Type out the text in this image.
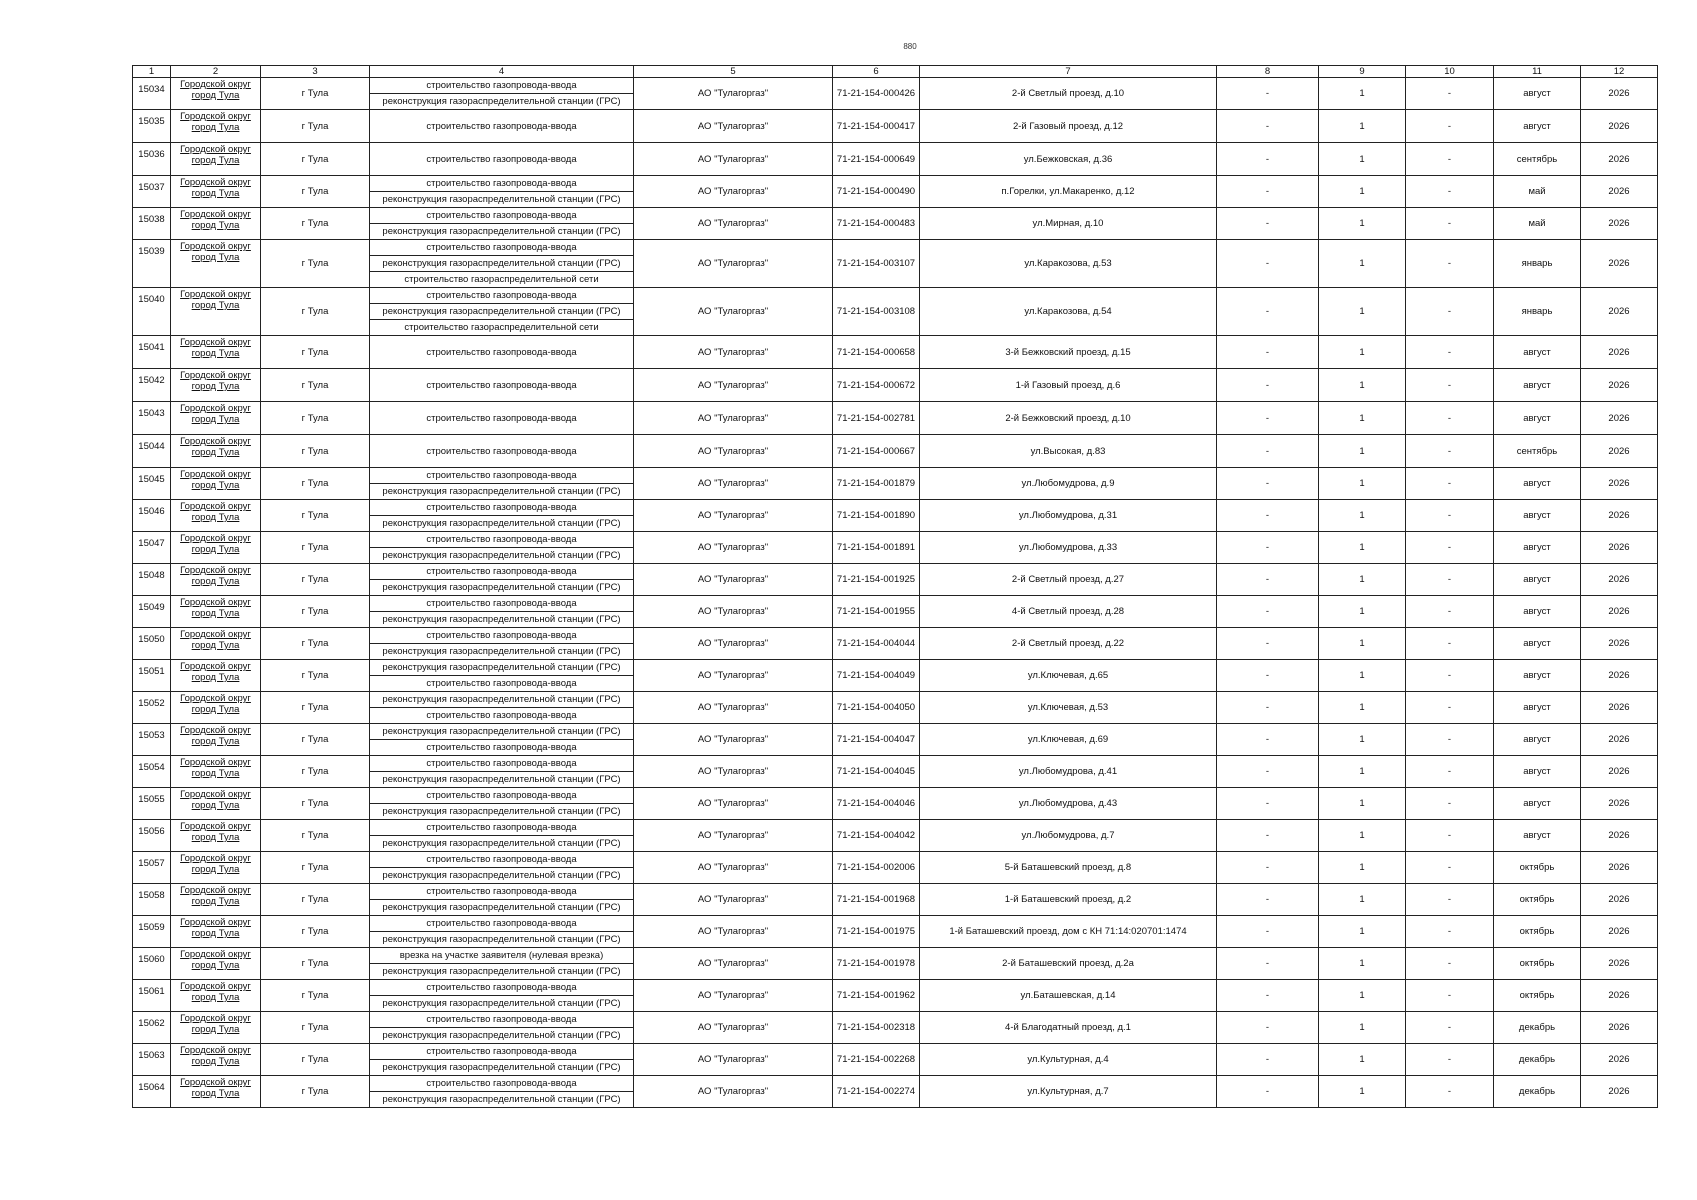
880
1	2	3	4	5	6	7	8	9	10	11	12
15034	Городской округ город Тула	г Тула	строительство газопровода-ввода
реконструкция газораспределительной станции (ГРС)	АО "Тулагоргаз"	71-21-154-000426	2-й Светлый проезд, д.10	-	1	-	август	2026
15035	Городской округ город Тула	г Тула	строительство газопровода-ввода	АО "Тулагоргаз"	71-21-154-000417	2-й Газовый проезд, д.12	-	1	-	август	2026
15036	Городской округ город Тула	г Тула	строительство газопровода-ввода	АО "Тулагоргаз"	71-21-154-000649	ул.Бежковская, д.36	-	1	-	сентябрь	2026
15037	Городской округ город Тула	г Тула	строительство газопровода-ввода
реконструкция газораспределительной станции (ГРС)	АО "Тулагоргаз"	71-21-154-000490	п.Горелки, ул.Макаренко, д.12	-	1	-	май	2026
15038	Городской округ город Тула	г Тула	строительство газопровода-ввода
реконструкция газораспределительной станции (ГРС)	АО "Тулагоргаз"	71-21-154-000483	ул.Мирная, д.10	-	1	-	май	2026
15039	Городской округ город Тула	г Тула	строительство газопровода-ввода
реконструкция газораспределительной станции (ГРС)
строительство газораспределительной сети	АО "Тулагоргаз"	71-21-154-003107	ул.Каракозова, д.53	-	1	-	январь	2026
15040	Городской округ город Тула	г Тула	строительство газопровода-ввода
реконструкция газораспределительной станции (ГРС)
строительство газораспределительной сети	АО "Тулагоргаз"	71-21-154-003108	ул.Каракозова, д.54	-	1	-	январь	2026
15041	Городской округ город Тула	г Тула	строительство газопровода-ввода	АО "Тулагоргаз"	71-21-154-000658	3-й Бежковский проезд, д.15	-	1	-	август	2026
15042	Городской округ город Тула	г Тула	строительство газопровода-ввода	АО "Тулагоргаз"	71-21-154-000672	1-й Газовый проезд, д.6	-	1	-	август	2026
15043	Городской округ город Тула	г Тула	строительство газопровода-ввода	АО "Тулагоргаз"	71-21-154-002781	2-й Бежковский проезд, д.10	-	1	-	август	2026
15044	Городской округ город Тула	г Тула	строительство газопровода-ввода	АО "Тулагоргаз"	71-21-154-000667	ул.Высокая, д.83	-	1	-	сентябрь	2026
15045	Городской округ город Тула	г Тула	строительство газопровода-ввода
реконструкция газораспределительной станции (ГРС)	АО "Тулагоргаз"	71-21-154-001879	ул.Любомудрова, д.9	-	1	-	август	2026
15046	Городской округ город Тула	г Тула	строительство газопровода-ввода
реконструкция газораспределительной станции (ГРС)	АО "Тулагоргаз"	71-21-154-001890	ул.Любомудрова, д.31	-	1	-	август	2026
15047	Городской округ город Тула	г Тула	строительство газопровода-ввода
реконструкция газораспределительной станции (ГРС)	АО "Тулагоргаз"	71-21-154-001891	ул.Любомудрова, д.33	-	1	-	август	2026
15048	Городской округ город Тула	г Тула	строительство газопровода-ввода
реконструкция газораспределительной станции (ГРС)	АО "Тулагоргаз"	71-21-154-001925	2-й Светлый проезд, д.27	-	1	-	август	2026
15049	Городской округ город Тула	г Тула	строительство газопровода-ввода
реконструкция газораспределительной станции (ГРС)	АО "Тулагоргаз"	71-21-154-001955	4-й Светлый проезд, д.28	-	1	-	август	2026
15050	Городской округ город Тула	г Тула	строительство газопровода-ввода
реконструкция газораспределительной станции (ГРС)	АО "Тулагоргаз"	71-21-154-004044	2-й Светлый проезд, д.22	-	1	-	август	2026
15051	Городской округ город Тула	г Тула	реконструкция газораспределительной станции (ГРС)
строительство газопровода-ввода	АО "Тулагоргаз"	71-21-154-004049	ул.Ключевая, д.65	-	1	-	август	2026
15052	Городской округ город Тула	г Тула	реконструкция газораспределительной станции (ГРС)
строительство газопровода-ввода	АО "Тулагоргаз"	71-21-154-004050	ул.Ключевая, д.53	-	1	-	август	2026
15053	Городской округ город Тула	г Тула	реконструкция газораспределительной станции (ГРС)
строительство газопровода-ввода	АО "Тулагоргаз"	71-21-154-004047	ул.Ключевая, д.69	-	1	-	август	2026
15054	Городской округ город Тула	г Тула	строительство газопровода-ввода
реконструкция газораспределительной станции (ГРС)	АО "Тулагоргаз"	71-21-154-004045	ул.Любомудрова, д.41	-	1	-	август	2026
15055	Городской округ город Тула	г Тула	строительство газопровода-ввода
реконструкция газораспределительной станции (ГРС)	АО "Тулагоргаз"	71-21-154-004046	ул.Любомудрова, д.43	-	1	-	август	2026
15056	Городской округ город Тула	г Тула	строительство газопровода-ввода
реконструкция газораспределительной станции (ГРС)	АО "Тулагоргаз"	71-21-154-004042	ул.Любомудрова, д.7	-	1	-	август	2026
15057	Городской округ город Тула	г Тула	строительство газопровода-ввода
реконструкция газораспределительной станции (ГРС)	АО "Тулагоргаз"	71-21-154-002006	5-й Баташевский проезд, д.8	-	1	-	октябрь	2026
15058	Городской округ город Тула	г Тула	строительство газопровода-ввода
реконструкция газораспределительной станции (ГРС)	АО "Тулагоргаз"	71-21-154-001968	1-й Баташевский проезд, д.2	-	1	-	октябрь	2026
15059	Городской округ город Тула	г Тула	строительство газопровода-ввода
реконструкция газораспределительной станции (ГРС)	АО "Тулагоргаз"	71-21-154-001975	1-й Баташевский проезд, дом с КН 71:14:020701:1474	-	1	-	октябрь	2026
15060	Городской округ город Тула	г Тула	врезка на участке заявителя (нулевая врезка)
реконструкция газораспределительной станции (ГРС)	АО "Тулагоргаз"	71-21-154-001978	2-й Баташевский проезд, д.2а	-	1	-	октябрь	2026
15061	Городской округ город Тула	г Тула	строительство газопровода-ввода
реконструкция газораспределительной станции (ГРС)	АО "Тулагоргаз"	71-21-154-001962	ул.Баташевская, д.14	-	1	-	октябрь	2026
15062	Городской округ город Тула	г Тула	строительство газопровода-ввода
реконструкция газораспределительной станции (ГРС)	АО "Тулагоргаз"	71-21-154-002318	4-й Благодатный проезд, д.1	-	1	-	декабрь	2026
15063	Городской округ город Тула	г Тула	строительство газопровода-ввода
реконструкция газораспределительной станции (ГРС)	АО "Тулагоргаз"	71-21-154-002268	ул.Культурная, д.4	-	1	-	декабрь	2026
15064	Городской округ город Тула	г Тула	строительство газопровода-ввода
реконструкция газораспределительной станции (ГРС)	АО "Тулагоргаз"	71-21-154-002274	ул.Культурная, д.7	-	1	-	декабрь	2026
